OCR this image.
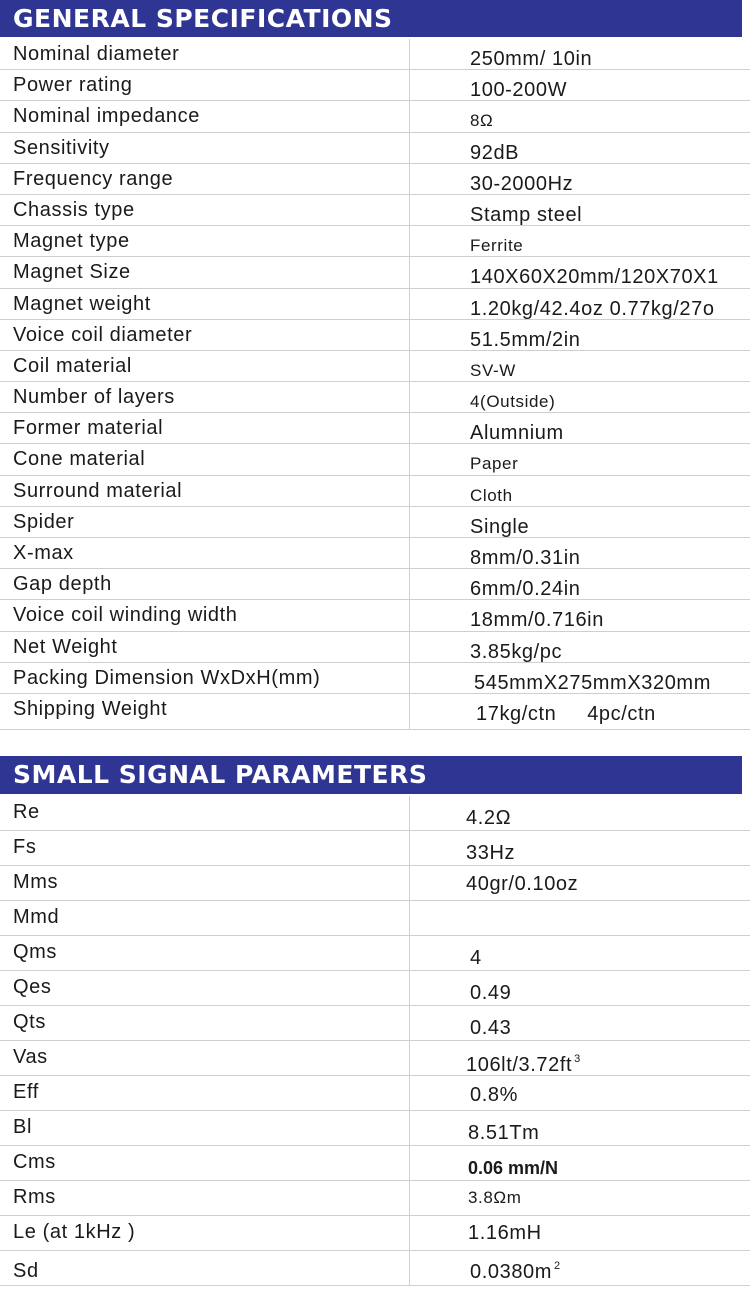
GENERAL SPECIFICATIONS
Nominal diameter	250mm/ 10in
Power rating	100-200W
Nominal impedance	8Ω
Sensitivity	92dB
Frequency range	30-2000Hz
Chassis type	Stamp steel
Magnet type	Ferrite
Magnet Size	140X60X20mm/120X70X1
Magnet weight	1.20kg/42.4oz 0.77kg/27o
Voice coil diameter	51.5mm/2in
Coil material	SV-W
Number of layers	4(Outside)
Former material	Alumnium
Cone material	Paper
Surround material	Cloth
Spider	Single
X-max	8mm/0.31in
Gap depth	6mm/0.24in
Voice coil winding width	18mm/0.716in
Net Weight	3.85kg/pc
Packing Dimension WxDxH(mm)	545mmX275mmX320mm
Shipping Weight	17kg/ctn     4pc/ctn
SMALL SIGNAL PARAMETERS
Re	4.2Ω
Fs	33Hz
Mms	40gr/0.10oz
Mmd
Qms	4
Qes	0.49
Qts	0.43
Vas	106lt/3.72ft $^3$
Eff	0.8%
Bl	8.51Tm
Cms	0.06 mm/N
Rms	3.8Ωm
Le (at 1kHz )	1.16mH
Sd	0.0380m $^2$
